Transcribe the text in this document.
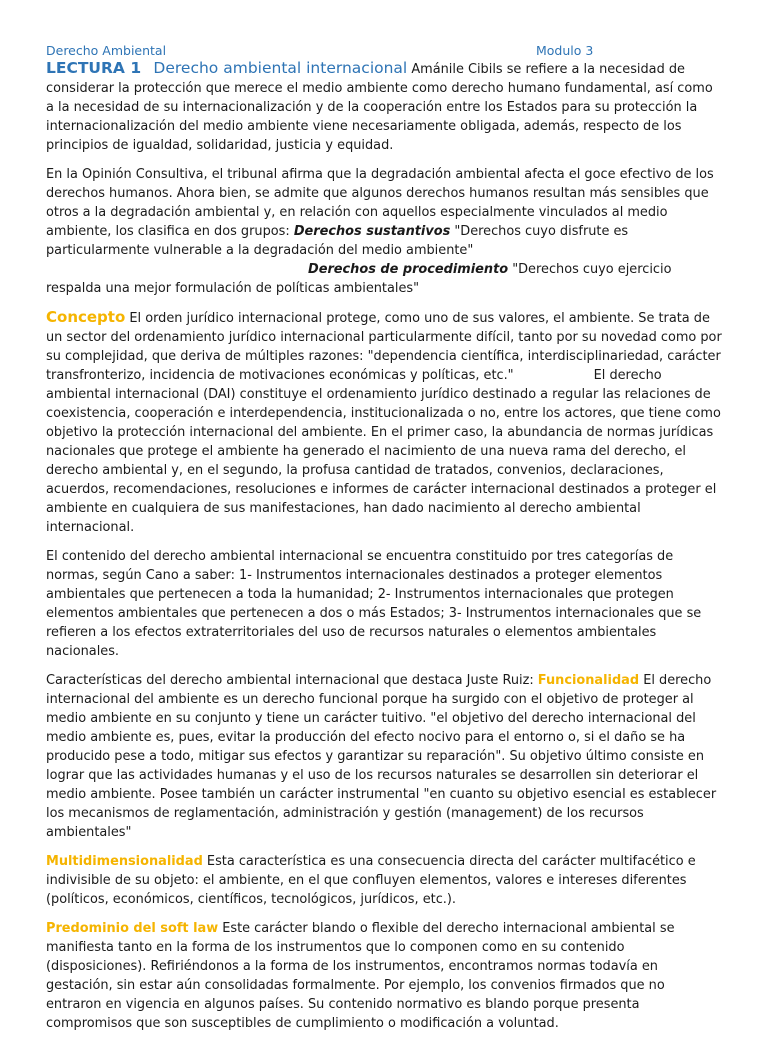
Derecho Ambiental	Modulo 3

LECTURA 1 Derecho ambiental internacional Amánile Cibils se refiere a la necesidad de considerar la protección que merece el medio ambiente como derecho humano fundamental, así como a la necesidad de su internacionalización y de la cooperación entre los Estados para su protección la internacionalización del medio ambiente viene necesariamente obligada, además, respecto de los principios de igualdad, solidaridad, justicia y equidad.

En la Opinión Consultiva, el tribunal afirma que la degradación ambiental afecta el goce efectivo de los derechos humanos. Ahora bien, se admite que algunos derechos humanos resultan más sensibles que otros a la degradación ambiental y, en relación con aquellos especialmente vinculados al medio ambiente, los clasifica en dos grupos: Derechos sustantivos "Derechos cuyo disfrute es particularmente vulnerable a la degradación del medio ambiente"Derechos de procedimiento "Derechos cuyo ejercicio respalda una mejor formulación de políticas ambientales"

Concepto El orden jurídico internacional protege, como uno de sus valores, el ambiente. Se trata de un sector del ordenamiento jurídico internacional particularmente difícil, tanto por su novedad como por su complejidad, que deriva de múltiples razones: "dependencia científica, interdisciplinariedad, carácter transfronterizo, incidencia de motivaciones económicas y políticas, etc."	El derecho ambiental internacional (DAI) constituye el ordenamiento jurídico destinado a regular las relaciones de coexistencia, cooperación e interdependencia, institucionalizada o no, entre los actores, que tiene como objetivo la protección internacional del ambiente. En el primer caso, la abundancia de normas jurídicas nacionales que protege el ambiente ha generado el nacimiento de una nueva rama del derecho, el derecho ambiental y, en el segundo, la profusa cantidad de tratados, convenios, declaraciones, acuerdos, recomendaciones, resoluciones e informes de carácter internacional destinados a proteger el ambiente en cualquiera de sus manifestaciones, han dado nacimiento al derecho ambiental internacional.

El contenido del derecho ambiental internacional se encuentra constituido por tres categorías de normas, según Cano a saber: 1- Instrumentos internacionales destinados a proteger elementos ambientales que pertenecen a toda la humanidad; 2- Instrumentos internacionales que protegen elementos ambientales que pertenecen a dos o más Estados; 3- Instrumentos internacionales que se refieren a los efectos extraterritoriales del uso de recursos naturales o elementos ambientales nacionales.

Características del derecho ambiental internacional que destaca Juste Ruiz: Funcionalidad El derecho internacional del ambiente es un derecho funcional porque ha surgido con el objetivo de proteger al medio ambiente en su conjunto y tiene un carácter tuitivo. "el objetivo del derecho internacional del medio ambiente es, pues, evitar la producción del efecto nocivo para el entorno o, si el daño se ha producido pese a todo, mitigar sus efectos y garantizar su reparación". Su objetivo último consiste en lograr que las actividades humanas y el uso de los recursos naturales se desarrollen sin deteriorar el medio ambiente. Posee también un carácter instrumental "en cuanto su objetivo esencial es establecer los mecanismos de reglamentación, administración y gestión (management) de los recursos ambientales"

Multidimensionalidad Esta característica es una consecuencia directa del carácter multifacético e indivisible de su objeto: el ambiente, en el que confluyen elementos, valores e intereses diferentes (políticos, económicos, científicos, tecnológicos, jurídicos, etc.).

Predominio del soft law Este carácter blando o flexible del derecho internacional ambiental se manifiesta tanto en la forma de los instrumentos que lo componen como en su contenido (disposiciones). Refiriéndonos a la forma de los instrumentos, encontramos normas todavía en gestación, sin estar aún consolidadas formalmente. Por ejemplo, los convenios firmados que no entraron en vigencia en algunos países. Su contenido normativo es blando porque presenta compromisos que son susceptibles de cumplimiento o modificación a voluntad.
